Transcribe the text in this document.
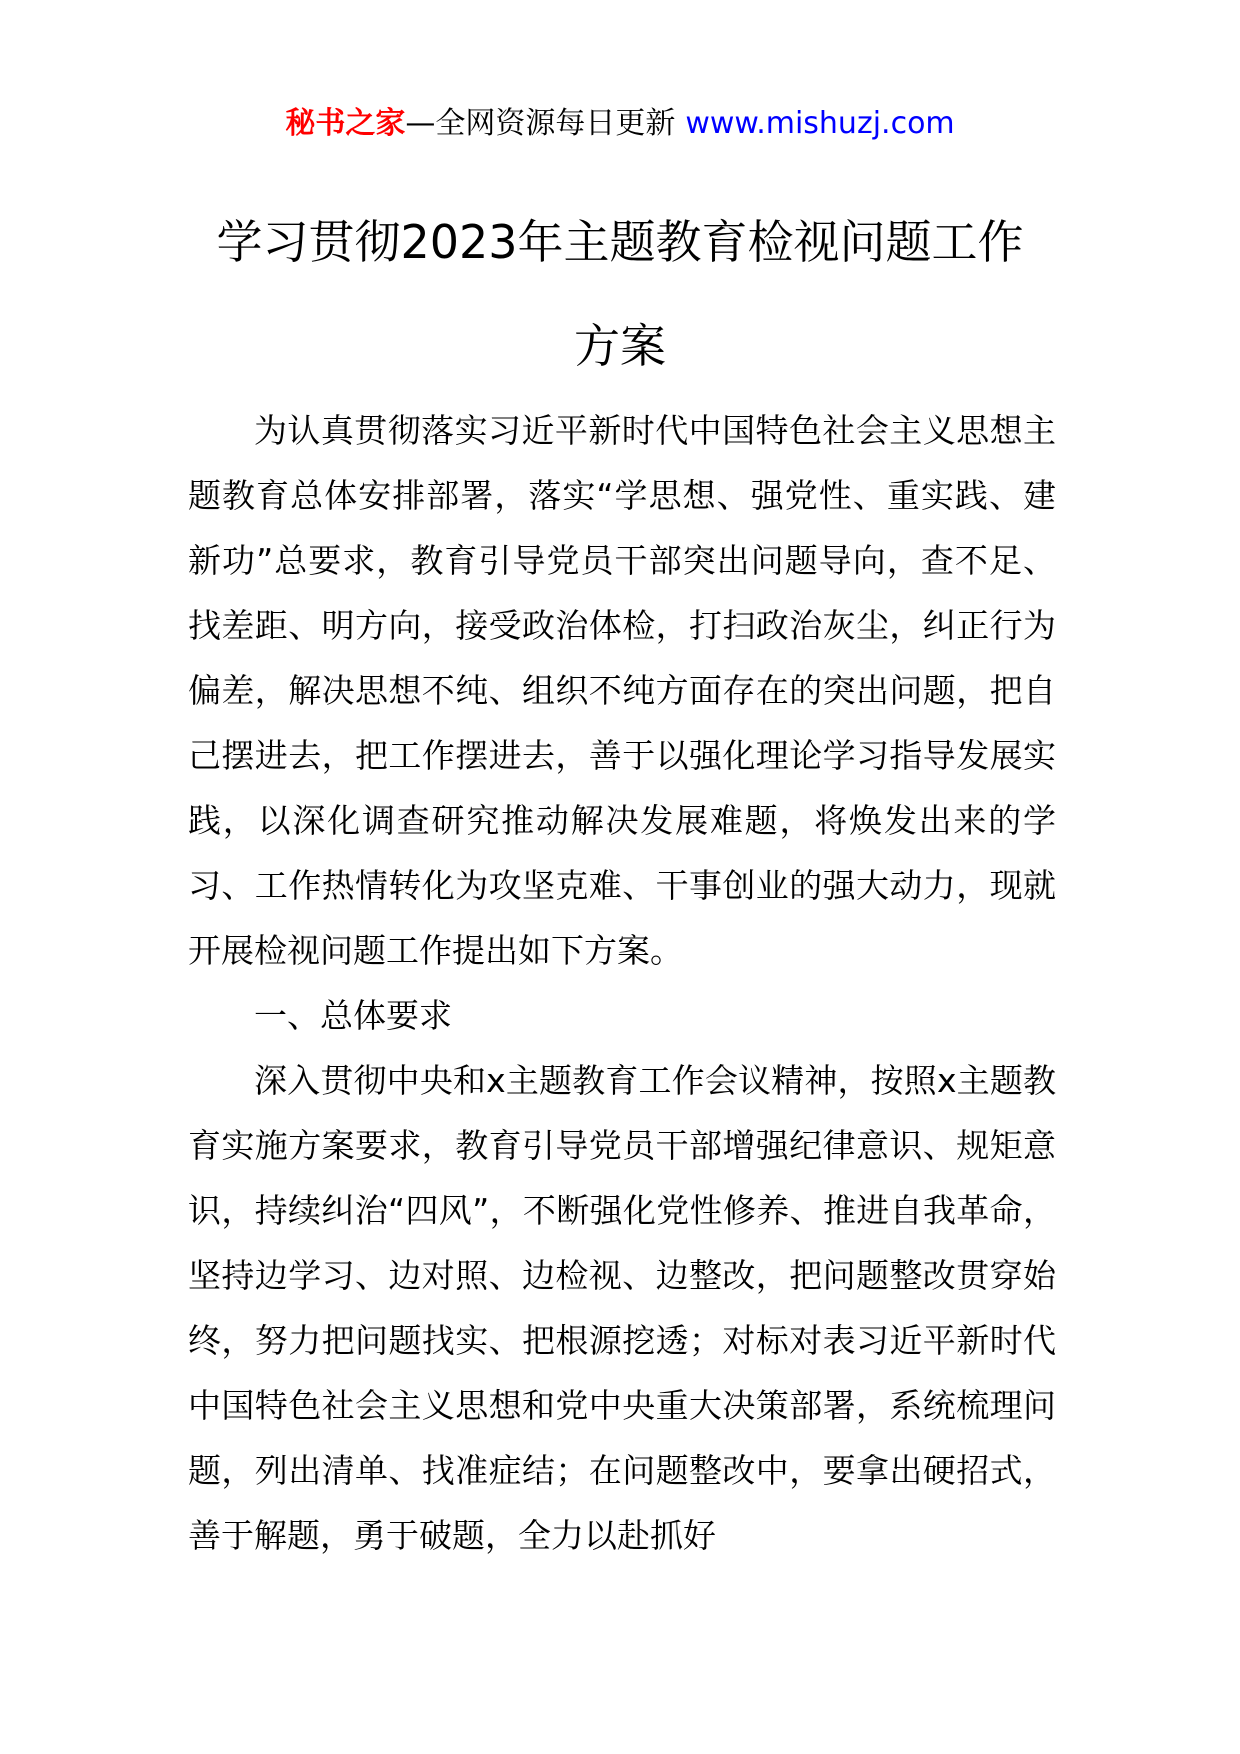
秘书之家—全网资源每日更新 www.mishuzj.com
学习贯彻2023年主题教育检视问题工作
方案

为认真贯彻落实习近平新时代中国特色社会主义思想主题教育总体安排部署，落实“学思想、强党性、重实践、建新功”总要求，教育引导党员干部突出问题导向，查不足、找差距、明方向，接受政治体检，打扫政治灰尘，纠正行为偏差，解决思想不纯、组织不纯方面存在的突出问题，把自己摆进去，把工作摆进去，善于以强化理论学习指导发展实践，以深化调查研究推动解决发展难题，将焕发出来的学习、工作热情转化为攻坚克难、干事创业的强大动力，现就开展检视问题工作提出如下方案。

一、总体要求

深入贯彻中央和x主题教育工作会议精神，按照x主题教育实施方案要求，教育引导党员干部增强纪律意识、规矩意识，持续纠治“四风”，不断强化党性修养、推进自我革命，坚持边学习、边对照、边检视、边整改，把问题整改贯穿始终，努力把问题找实、把根源挖透；对标对表习近平新时代中国特色社会主义思想和党中央重大决策部署，系统梳理问题，列出清单、找准症结；在问题整改中，要拿出硬招式，善于解题，勇于破题，全力以赴抓好
